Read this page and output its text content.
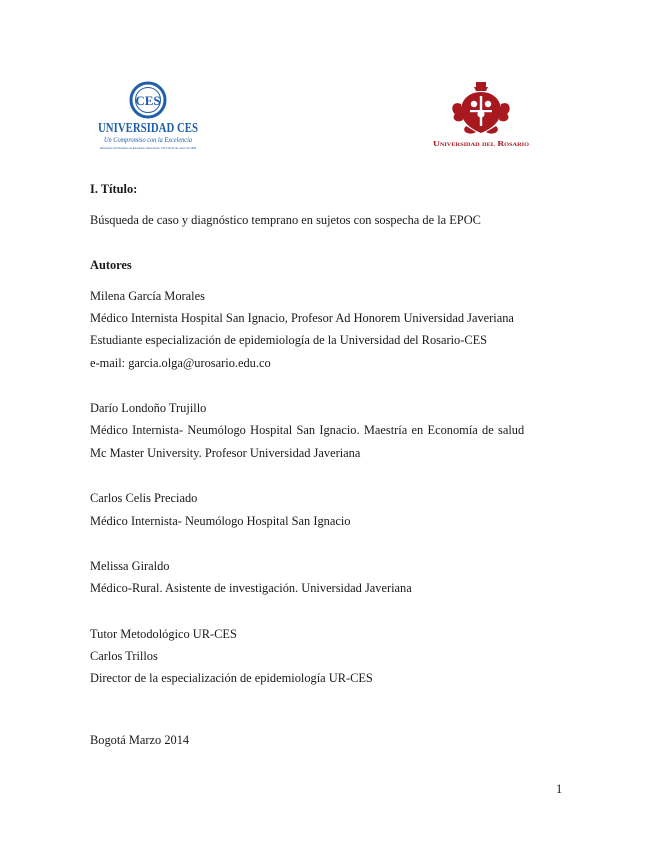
CES
UNIVERSIDAD CES
Un Compromiso con la Excelencia
Resolución del Ministerio de Educación Nacional No. 1371 del 22 de marzo de 1999	Universidad del Rosario
I. Título:
Búsqueda de caso y diagnóstico temprano en sujetos con sospecha de la EPOC
Autores
Milena García Morales
Médico Internista Hospital San Ignacio, Profesor Ad Honorem Universidad Javeriana
Estudiante especialización de epidemiología de la Universidad del Rosario-CES
e-mail: garcia.olga@urosario.edu.co
Darío Londoño Trujillo
Médico Internista- Neumólogo Hospital San Ignacio. Maestría en Economía de salud
Mc Master University. Profesor Universidad Javeriana
Carlos Celis Preciado
Médico Internista- Neumólogo Hospital San Ignacio
Melissa Giraldo
Médico-Rural. Asistente de investigación. Universidad Javeriana
Tutor Metodológico UR-CES
Carlos Trillos
Director de la especialización de epidemiología UR-CES
Bogotá Marzo 2014
1
